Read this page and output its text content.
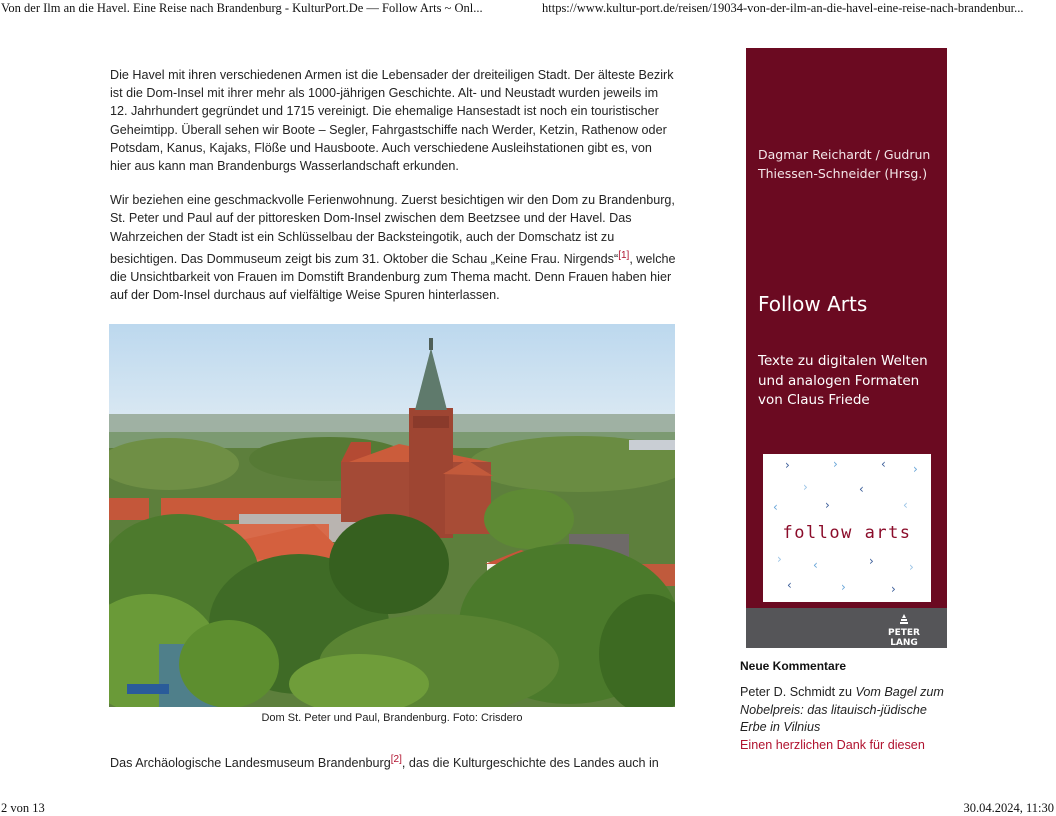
Von der Ilm an die Havel. Eine Reise nach Brandenburg - KulturPort.De — Follow Arts ~ Onl...	https://www.kultur-port.de/reisen/19034-von-der-ilm-an-die-havel-eine-reise-nach-brandenbur...

Die Havel mit ihren verschiedenen Armen ist die Lebensader der dreiteiligen Stadt. Der älteste Bezirk ist die Dom-Insel mit ihrer mehr als 1000-jährigen Geschichte. Alt- und Neustadt wurden jeweils im 12. Jahrhundert gegründet und 1715 vereinigt. Die ehemalige Hansestadt ist noch ein touristischer Geheimtipp. Überall sehen wir Boote – Segler, Fahrgastschiffe nach Werder, Ketzin, Rathenow oder Potsdam, Kanus, Kajaks, Flöße und Hausboote. Auch verschiedene Ausleihstationen gibt es, von hier aus kann man Brandenburgs Wasserlandschaft erkunden.

Wir beziehen eine geschmackvolle Ferienwohnung. Zuerst besichtigen wir den Dom zu Brandenburg, St. Peter und Paul auf der pittoresken Dom-Insel zwischen dem Beetzsee und der Havel. Das Wahrzeichen der Stadt ist ein Schlüsselbau der Backsteingotik, auch der Domschatz ist zu besichtigen. Das Dommuseum zeigt bis zum 31. Oktober die Schau „Keine Frau. Nirgends“[1], welche die Unsichtbarkeit von Frauen im Domstift Brandenburg zum Thema macht. Denn Frauen haben hier auf der Dom-Insel durchaus auf vielfältige Weise Spuren hinterlassen.

Dom St. Peter und Paul, Brandenburg. Foto: Crisdero
Das Archäologische Landesmuseum Brandenburg[2], das die Kulturgeschichte des Landes auch in
Dagmar Reichardt / Gudrun Thiessen-Schneider (Hrsg.)
Follow Arts
Texte zu digitalen Welten und analogen Formaten von Claus Friede
›	›	‹ ›
›	‹
‹	›	‹
follow arts
›	‹	›	›
‹	›	›
PETER LANG
Neue Kommentare
Peter D. Schmidt zu Vom Bagel zum Nobelpreis: das litauisch-jüdische Erbe in Vilnius
Einen herzlichen Dank für diesen
2 von 13	30.04.2024, 11:30
